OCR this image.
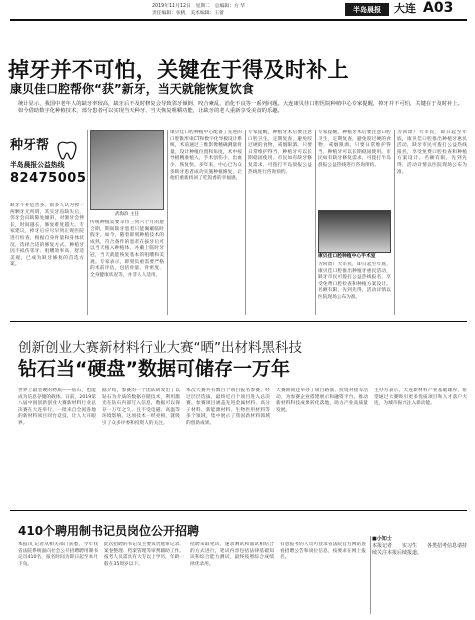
2019年11月12日　星期二　总编辑：方 华
责任编辑：张帆　美术编辑：王蕾	半岛晨报	大连 A03
掉牙并不可怕，关键在于得及时补上
康贝佳口腔帮你“获”新牙，当天就能恢复饮食
统计显示，我国中老年人的缺牙率较高，缺牙后不及时修复会导致邻牙倾倒、咬合紊乱、消化不良等一系列问题。大连康贝佳口腔医院种植中心专家提醒，掉牙并不可怕，关键在于及时补上。如今借助数字化种植技术，部分患者可以实现当天种牙、当天恢复咀嚼功能，让缺牙的老人重新享受美食的乐趣。
种牙帮
半岛晨报公益热线
82475005
缺牙不补危害多。很多人认为掉一两颗牙无所谓，其实牙齿缺失后，邻牙会向缺隙处倾斜，对颌牙会伸长，时间越长，修复难度越大。专家建议，掉牙后应尽早到正规医院进行检查，根据自身骨量和身体状况，选择合适的修复方式。种植牙因不损伤邻牙、咀嚼效率高、舒适美观，已成为缺牙修复的首选方案。
武海滨 主任
传统种植需要等待三到六个月的愈合期，期间缺牙患者只能佩戴临时假牙。如今，随着即刻种植技术的成熟，符合条件的患者在拔牙后可以当天植入种植体，并戴上临时牙冠，当天就能恢复基本的咀嚼和美观。专家表示，即刻负重需要严格的术前评估，包括骨量、骨密度、全身健康状况等，并非人人适用。
康贝佳口腔种植中心配备了先进的口腔锥形束CT和数字化导板设计系统，术前通过三维影像精确测量骨量，设计种植位置和角度，术中按导板精准植入，手术创伤小、出血少、恢复快。多年来，中心已为众多缺牙患者成功实施种植修复，让他们重新找回了吃饭香的幸福感。
专家提醒，种植牙术后要注意口腔卫生，定期复查，避免咬过硬的食物，戒烟限酒。只要日常维护得当，种植牙可以长期稳固使用。市民如有缺牙修复需求，可拨打半岛晨报公益热线进行咨询预约。
专家提醒，种植牙术后要注意口腔卫生，定期复查，避免咬过硬的食物，戒烟限酒。只要日常维护得当，种植牙可以长期稳固使用。市民如有缺牙修复需求，可拨打半岛晨报公益热线进行咨询预约。
康贝佳口腔种植中心手术室
为回馈广大市民，即日起至年底，康贝佳口腔推出种植牙惠民活动，缺牙市民可拨打公益热线报名，享受免费口腔检查和种植方案设计。名额有限，先到先得，活动详情以医院现场公布为准。
为回馈广大市民，即日起至年底，康贝佳口腔推出种植牙惠民活动，缺牙市民可拨打公益热线报名，享受免费口腔检查和种植方案设计。名额有限，先到先得，活动详情以医院现场公布为准。
创新创业大赛新材料行业大赛“晒”出材料黑科技
钻石当“硬盘”数据可储存一万年
世界上最坚硬的物质——钻石，也能成为信息存储的载体。日前，2019第八届中国创新创业大赛新材料行业总决赛在大连举行，一批来自全国各地的新材料项目同台竞技，让人大开眼界。
据介绍，参赛的一个团队研发出了以钻石为介质的数据存储技术，利用激光在钻石内部写入信息，数据可以保存一万年之久，且不受电磁、高温等环境影响。这项技术一经亮相，就吸引了众多评委和投资人的关注。
本次大赛共有数百个项目报名参赛，经过层层选拔，最终近百个项目进入总决赛。参赛项目涵盖先进金属材料、高分子材料、新能源材料、生物医用材料等多个领域，集中展示了我国新材料领域的创新成果。
大赛期间还举办了项目路演、投资对接等活动，为参赛企业搭建展示和融资平台，推动新材料科技成果转化落地，助力产业高质量发展。
主办方表示，大连新材料产业基础雄厚，希望通过大赛吸引更多优质项目和人才落户大连，为城市振兴注入新动能。
410个聘用制书记员岗位公开招聘
本报讯 记者从相关部门获悉，今年我省法院系统面向社会公开招聘聘用制书记员410名，报名时间为即日起至本月下旬。
此次招聘的书记员主要负责庭审记录、案卷整理、档案管理等审判辅助工作。报考人员需具有大专以上学历，年龄一般在35周岁以下。
招聘采取笔试、速录测试和面试相结合的方式进行，笔试内容包括法律基础知识和综合能力测试，最终按照综合成绩择优录用。
有意报考的人员可登录省法院官方网站查看招聘公告和岗位信息，按要求在网上报名。
■小知士
本报记者　　实习生　　各类招考信息请持续关注本报后续报道。
